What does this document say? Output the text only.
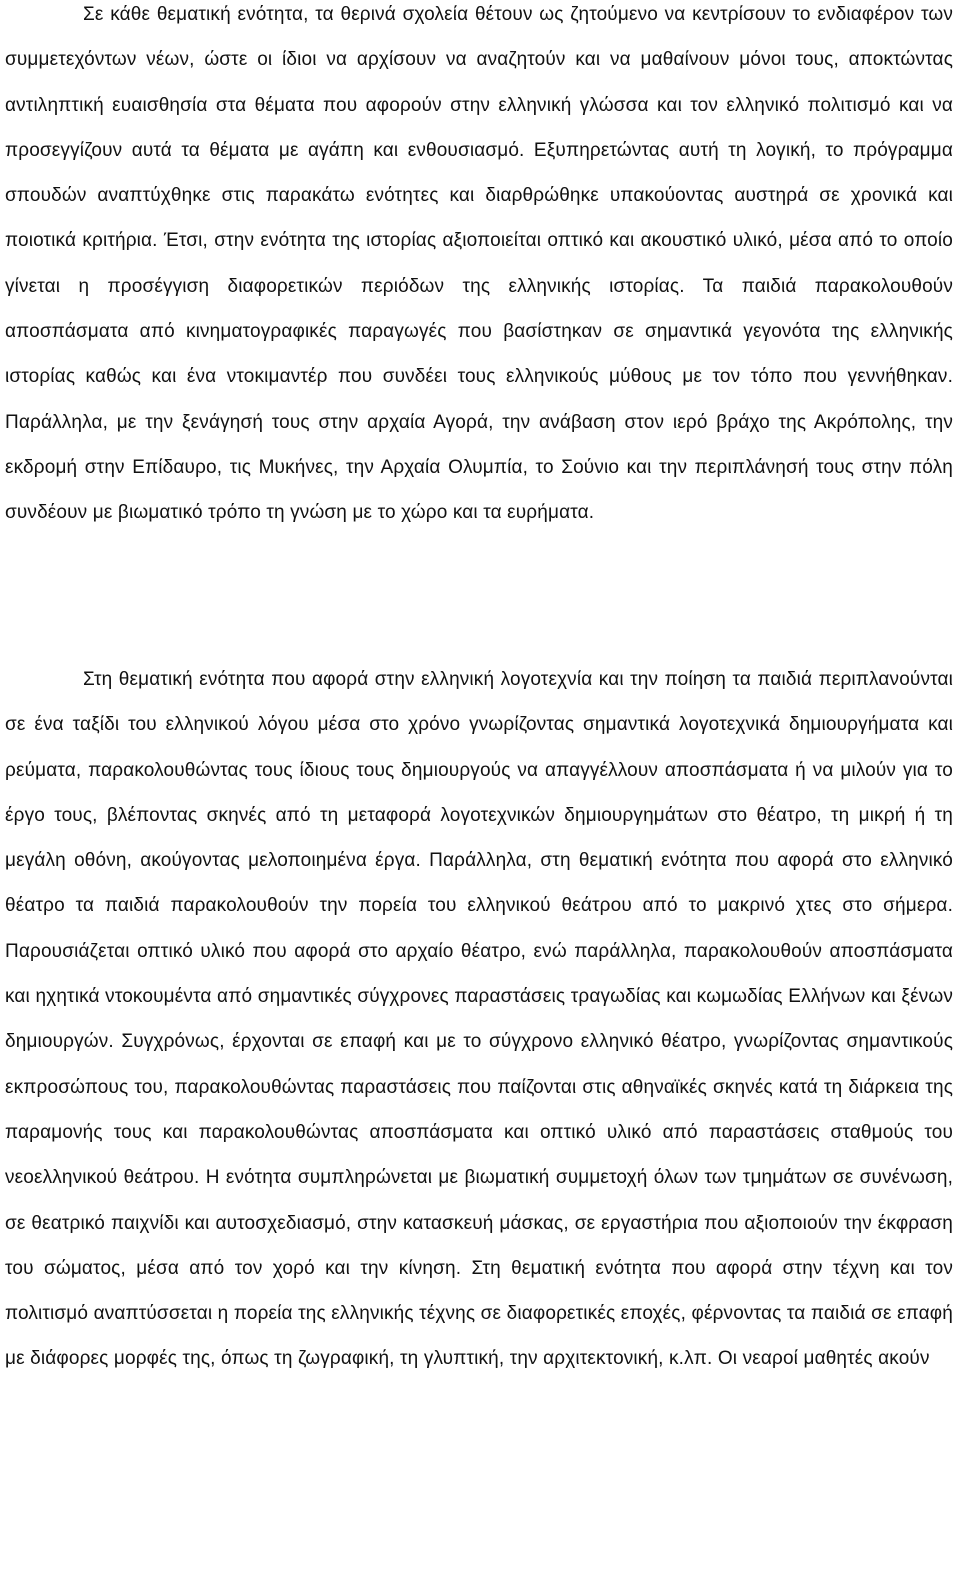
Σε κάθε θεματική ενότητα, τα θερινά σχολεία θέτουν ως ζητούμενο να κεντρίσουν το ενδιαφέρον των συμμετεχόντων νέων, ώστε οι ίδιοι να αρχίσουν να αναζητούν και να μαθαίνουν μόνοι τους, αποκτώντας αντιληπτική ευαισθησία στα θέματα που αφορούν στην ελληνική γλώσσα και τον ελληνικό πολιτισμό και να προσεγγίζουν αυτά τα θέματα με αγάπη και ενθουσιασμό. Εξυπηρετώντας αυτή τη λογική, το πρόγραμμα σπουδών αναπτύχθηκε στις παρακάτω ενότητες και διαρθρώθηκε υπακούοντας αυστηρά σε χρονικά και ποιοτικά κριτήρια. Έτσι, στην ενότητα της ιστορίας αξιοποιείται οπτικό και ακουστικό υλικό, μέσα από το οποίο γίνεται η προσέγγιση διαφορετικών περιόδων της ελληνικής ιστορίας. Τα παιδιά παρακολουθούν αποσπάσματα από κινηματογραφικές παραγωγές που βασίστηκαν σε σημαντικά γεγονότα της ελληνικής ιστορίας καθώς και ένα ντοκιμαντέρ που συνδέει τους ελληνικούς μύθους με τον τόπο που γεννήθηκαν. Παράλληλα, με την ξενάγησή τους στην αρχαία Αγορά, την ανάβαση στον ιερό βράχο της Ακρόπολης, την εκδρομή στην Επίδαυρο, τις Μυκήνες, την Αρχαία Ολυμπία, το Σούνιο και την περιπλάνησή τους στην πόλη συνδέουν με βιωματικό τρόπο τη γνώση με το χώρο και τα ευρήματα.

Στη θεματική ενότητα που αφορά στην ελληνική λογοτεχνία και την ποίηση τα παιδιά περιπλανούνται σε ένα ταξίδι του ελληνικού λόγου μέσα στο χρόνο γνωρίζοντας σημαντικά λογοτεχνικά δημιουργήματα και ρεύματα, παρακολουθώντας τους ίδιους τους δημιουργούς να απαγγέλλουν αποσπάσματα ή να μιλούν για το έργο τους, βλέποντας σκηνές από τη μεταφορά λογοτεχνικών δημιουργημάτων στο θέατρο, τη μικρή ή τη μεγάλη οθόνη, ακούγοντας μελοποιημένα έργα. Παράλληλα, στη θεματική ενότητα που αφορά στο ελληνικό θέατρο τα παιδιά παρακολουθούν την πορεία του ελληνικού θεάτρου από το μακρινό χτες στο σήμερα. Παρουσιάζεται οπτικό υλικό που αφορά στο αρχαίο θέατρο, ενώ παράλληλα, παρακολουθούν αποσπάσματα και ηχητικά ντοκουμέντα από σημαντικές σύγχρονες παραστάσεις τραγωδίας και κωμωδίας Ελλήνων και ξένων δημιουργών. Συγχρόνως, έρχονται σε επαφή και με το σύγχρονο ελληνικό θέατρο, γνωρίζοντας σημαντικούς εκπροσώπους του, παρακολουθώντας παραστάσεις που παίζονται στις αθηναϊκές σκηνές κατά τη διάρκεια της παραμονής τους και παρακολουθώντας αποσπάσματα και οπτικό υλικό από παραστάσεις σταθμούς του νεοελληνικού θεάτρου. Η ενότητα συμπληρώνεται με βιωματική συμμετοχή όλων των τμημάτων σε συνένωση, σε θεατρικό παιχνίδι και αυτοσχεδιασμό, στην κατασκευή μάσκας, σε εργαστήρια που αξιοποιούν την έκφραση του σώματος, μέσα από τον χορό και την κίνηση. Στη θεματική ενότητα που αφορά στην τέχνη και τον πολιτισμό αναπτύσσεται η πορεία της ελληνικής τέχνης σε διαφορετικές εποχές, φέρνοντας τα παιδιά σε επαφή με διάφορες μορφές της, όπως τη ζωγραφική, τη γλυπτική, την αρχιτεκτονική, κ.λπ. Οι νεαροί μαθητές ακούν
